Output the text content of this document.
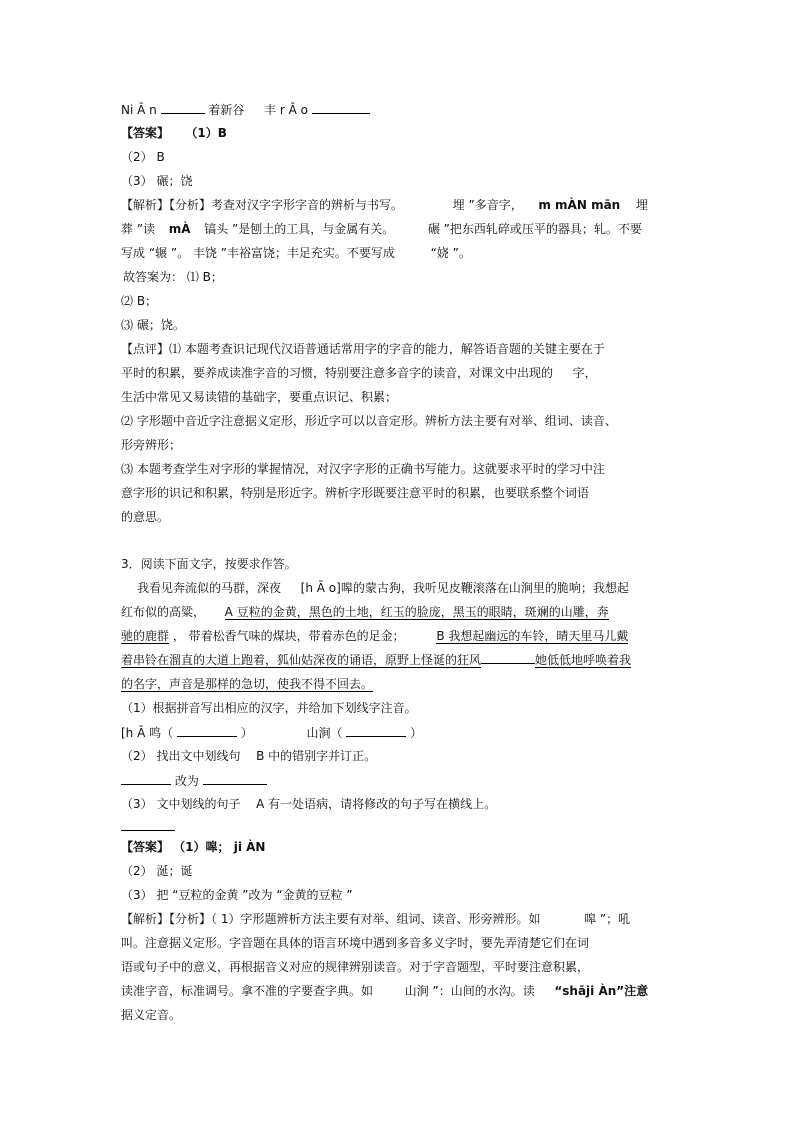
Ni Ā n	着新谷 丰 r Ā o
【答案】 （1）B
（2） B
（3） 碾；饶
【解析】【分析】考查对汉字字形字音的辨析与书写。	埋 ”多音字， m mÀN mān 埋
葬 ”读 mÀ 镐头 ”是刨土的工具，与金属有关。	碾 ”把东西轧碎或压平的器具；轧。不要
写成 “辗 ”。 丰饶 ”丰裕富饶；丰足充实。不要写成	“娆 ”。
故答案为： ⑴ B；
⑵ B；
⑶ 碾；饶。
【点评】⑴ 本题考查识记现代汉语普通话常用字的字音的能力，解答语音题的关键主要在于
平时的积累，要养成读准字音的习惯，特别要注意多音字的读音，对课文中出现的 字，
生活中常见又易读错的基础字，要重点识记、积累；
⑵ 字形题中音近字注意据义定形，形近字可以以音定形。辨析方法主要有对举、组词、读音、
形旁辨形；
⑶ 本题考查学生对字形的掌握情况，对汉字字形的正确书写能力。这就要求平时的学习中注
意字形的识记和积累，特别是形近字。辨析字形既要注意平时的积累，也要联系整个词语
的意思。
3．阅读下面文字，按要求作答。
我看见奔流似的马群，深夜 [h Ā o]嗥的蒙古狗，我听见皮鞭滚落在山涧里的脆响；我想起
红布似的高粱， A 豆粒的金黄，黑色的土地，红玉的脸庞，黑玉的眼睛，斑斓的山雕，奔
驰的鹿群 ， 带着松香气味的煤块，带着赤色的足金；	B 我想起幽远的车铃，晴天里马儿戴
着串铃在溜直的大道上跑着，狐仙姑深夜的诵语，原野上怪诞的狂风	她低低地呼唤着我
的名字，声音是那样的急切，使我不得不回去。
（1）根据拼音写出相应的汉字，并给加下划线字注音。
[h Ā 鸣（	）	山涧（	）
（2） 找出文中划线句 B 中的错别字并订正。
改为
（3） 文中划线的句子 A 有一处语病，请将修改的句子写在横线上。
【答案】 （1）嗥； ji ÀN
（2） 涎；诞
（3） 把 “豆粒的金黄 ”改为 “金黄的豆粒 ”
【解析】【分析】（ 1）字形题辨析方法主要有对举、组词、读音、形旁辨形。如	嗥 ”；吼
叫。注意据义定形。字音题在具体的语言环境中遇到多音多义字时，要先弄清楚它们在词
语或句子中的意义，再根据音义对应的规律辨别读音。对于字音题型，平时要注意积累，
读准字音，标准调号。拿不准的字要查字典。如	山涧 ”：山间的水沟。读 “shāji Àn”注意
据义定音。
